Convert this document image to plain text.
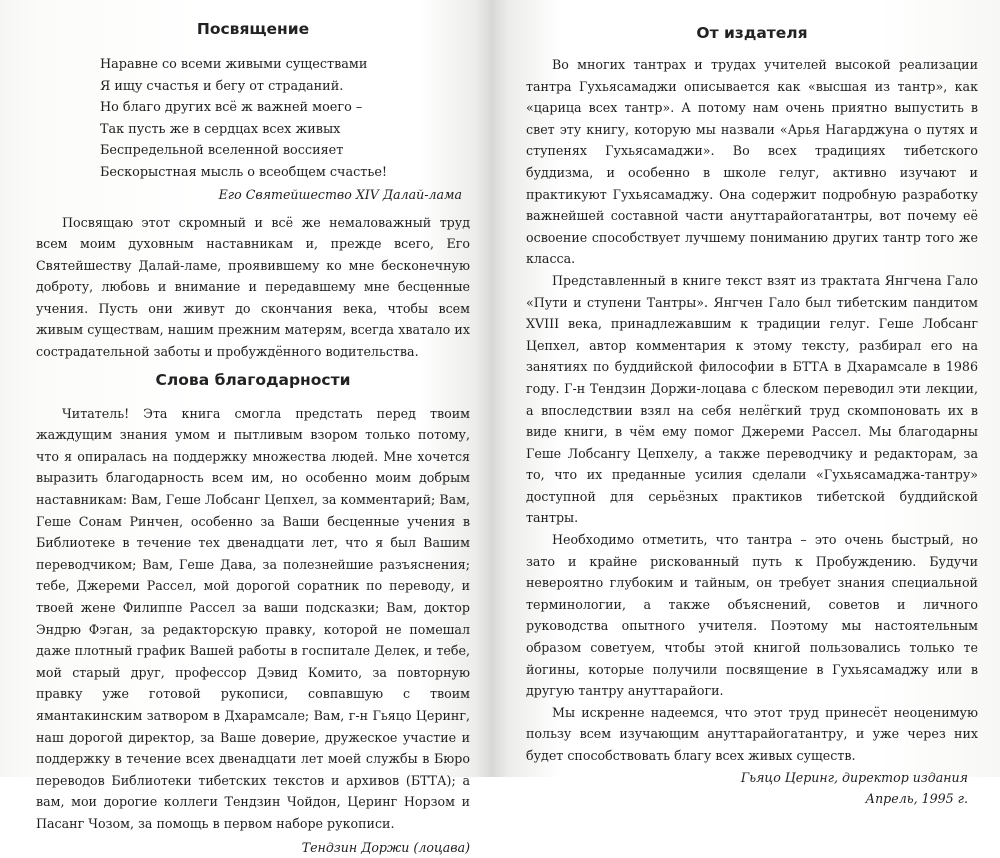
Посвящение
Наравне со всеми живыми существами
Я ищу счастья и бегу от страданий.
Но благо других всё ж важней моего –
Так пусть же в сердцах всех живых
Беспредельной вселенной воссияет
Бескорыстная мысль о всеобщем счастье!
Его Святейшество XIV Далай-лама

Посвящаю этот скромный и всё же немаловажный труд всем моим духовным наставникам и, прежде всего, Его Святейшеству Далай-ламе, проявившему ко мне бесконечную доброту, любовь и внимание и передавшему мне бесценные учения. Пусть они живут до скончания века, чтобы всем живым существам, нашим прежним матерям, всегда хватало их сострадательной заботы и пробуждённого водительства.

Слова благодарности

Читатель! Эта книга смогла предстать перед твоим жаждущим знания умом и пытливым взором только потому, что я опиралась на поддержку множества людей. Мне хочется выразить благодарность всем им, но особенно моим добрым наставникам: Вам, Геше Лобсанг Цепхел, за комментарий; Вам, Геше Сонам Ринчен, особенно за Ваши бесценные учения в Библиотеке в течение тех двенадцати лет, что я был Вашим переводчиком; Вам, Геше Дава, за полезнейшие разъяснения; тебе, Джереми Рассел, мой дорогой соратник по переводу, и твоей жене Филиппе Рассел за ваши подсказки; Вам, доктор Эндрю Фэган, за редакторскую правку, которой не помешал даже плотный график Вашей работы в госпитале Делек, и тебе, мой старый друг, профессор Дэвид Комито, за повторную правку уже готовой рукописи, совпавшую с твоим ямантакинским затвором в Дхарамсале; Вам, г-н Гьяцо Церинг, наш дорогой директор, за Ваше доверие, дружеское участие и поддержку в течение всех двенадцати лет моей службы в Бюро переводов Библиотеки тибетских текстов и архивов (БТТА); а вам, мои дорогие коллеги Тендзин Чойдон, Церинг Норзом и Пасанг Чозом, за помощь в первом наборе рукописи.

Тендзин Доржи (лоцава)
От издателя

Во многих тантрах и трудах учителей высокой реализации тантра Гухьясамаджи описывается как «высшая из тантр», как «царица всех тантр». А потому нам очень приятно выпустить в свет эту книгу, которую мы назвали «Арья Нагарджуна о путях и ступенях Гухьясамаджи». Во всех традициях тибетского буддизма, и особенно в школе гелуг, активно изучают и практикуют Гухьясамаджу. Она содержит подробную разработку важнейшей составной части ануттарайогатантры, вот почему её освоение способствует лучшему пониманию других тантр того же класса.

Представленный в книге текст взят из трактата Янгчена Гало «Пути и ступени Тантры». Янгчен Гало был тибетским пандитом XVIII века, принадлежавшим к традиции гелуг. Геше Лобсанг Цепхел, автор комментария к этому тексту, разбирал его на занятиях по буддийской философии в БТТА в Дхарамсале в 1986 году. Г-н Тендзин Доржи-лоцава с блеском переводил эти лекции, а впоследствии взял на себя нелёгкий труд скомпоновать их в виде книги, в чём ему помог Джереми Рассел. Мы благодарны Геше Лобсангу Цепхелу, а также переводчику и редакторам, за то, что их преданные усилия сделали «Гухьясамаджа-тантру» доступной для серьёзных практиков тибетской буддийской тантры.

Необходимо отметить, что тантра – это очень быстрый, но зато и крайне рискованный путь к Пробуждению. Будучи невероятно глубоким и тайным, он требует знания специальной терминологии, а также объяснений, советов и личного руководства опытного учителя. Поэтому мы настоятельным образом советуем, чтобы этой книгой пользовались только те йогины, которые получили посвящение в Гухьясамаджу или в другую тантру ануттарайоги.

Мы искренне надеемся, что этот труд принесёт неоценимую пользу всем изучающим ануттарайогатантру, и уже через них будет способствовать благу всех живых существ.

Гьяцо Церинг, директор издания
Апрель, 1995 г.
